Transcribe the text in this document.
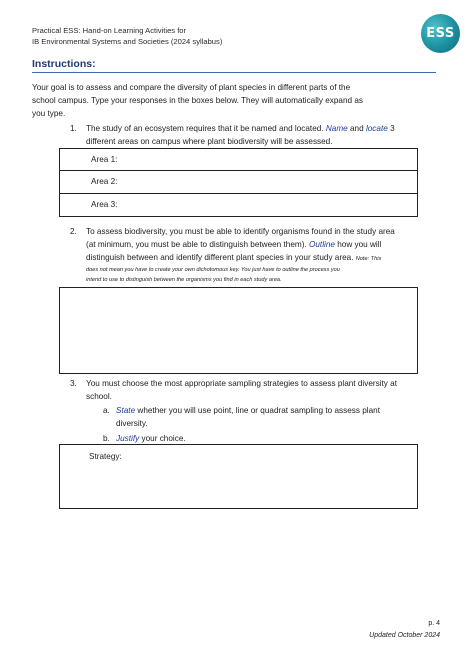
Practical ESS: Hand-on Learning Activities for
IB Environmental Systems and Societies (2024 syllabus)	ESS
Instructions:
Your goal is to assess and compare the diversity of plant species in different parts of the
school campus. Type your responses in the boxes below. They will automatically expand as
you type.
1. The study of an ecosystem requires that it be named and located. Name and locate 3
different areas on campus where plant biodiversity will be assessed.
Area 1:
Area 2:
Area 3:
2. To assess biodiversity, you must be able to identify organisms found in the study area
(at minimum, you must be able to distinguish between them). Outline how you will
distinguish between and identify different plant species in your study area. Note: This
does not mean you have to create your own dichotomous key. You just have to outline the process you
intend to use to distinguish between the organisms you find in each study area.
3. You must choose the most appropriate sampling strategies to assess plant diversity at
school.
a. State whether you will use point, line or quadrat sampling to assess plant
diversity.
b. Justify your choice.
Strategy:
p. 4
Updated October 2024
